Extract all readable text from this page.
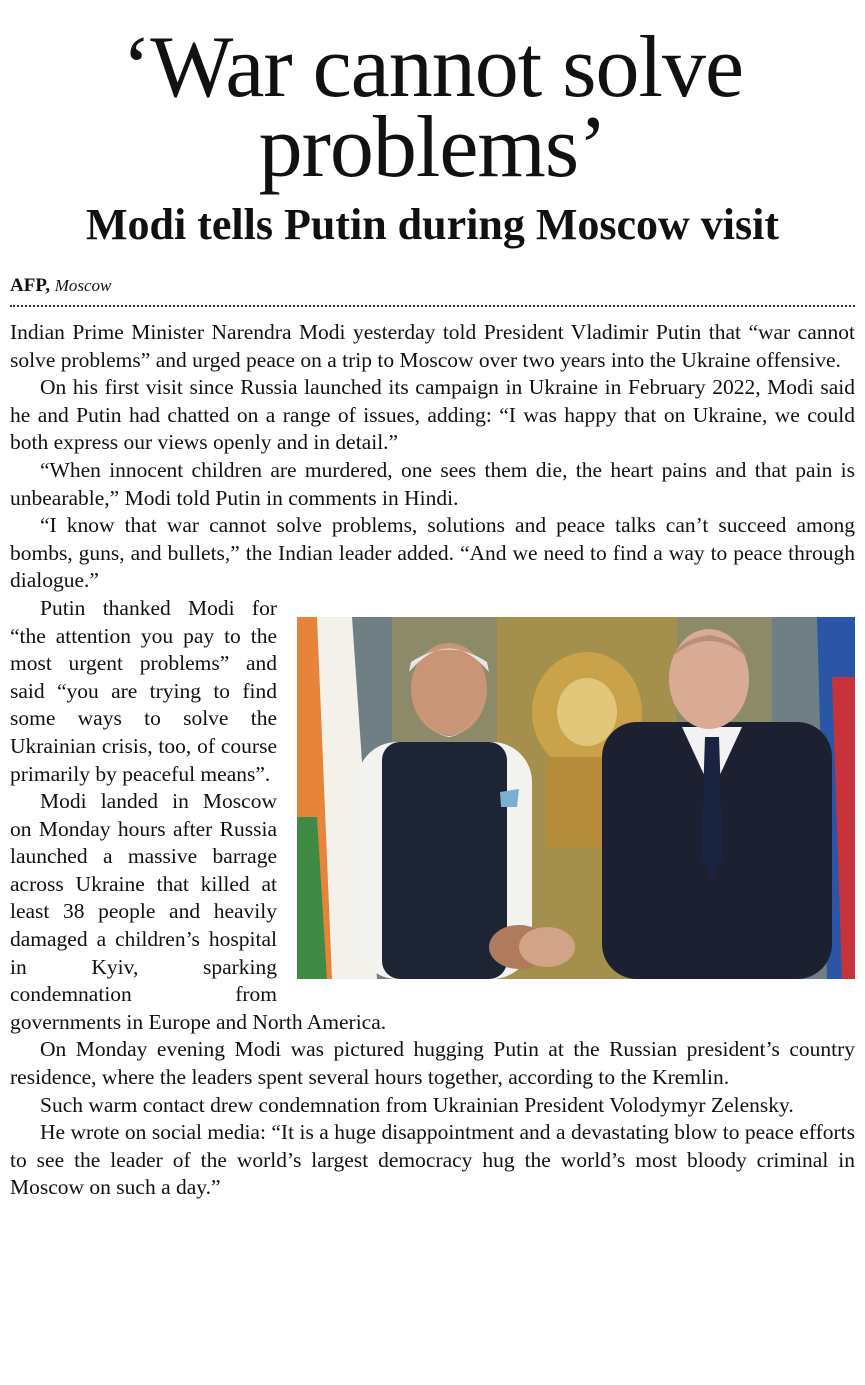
‘War cannot solve problems’
Modi tells Putin during Moscow visit
AFP, Moscow

Indian Prime Minister Narendra Modi yesterday told President Vladimir Putin that “war cannot solve problems” and urged peace on a trip to Moscow over two years into the Ukraine offensive.

On his first visit since Russia launched its campaign in Ukraine in February 2022, Modi said he and Putin had chatted on a range of issues, adding: “I was happy that on Ukraine, we could both express our views openly and in detail.”

“When innocent children are murdered, one sees them die, the heart pains and that pain is unbearable,” Modi told Putin in comments in Hindi.

“I know that war cannot solve problems, solutions and peace talks can’t succeed among bombs, guns, and bullets,” the Indian leader added. “And we need to find a way to peace through dialogue.”

Putin thanked Modi for “the attention you pay to the most urgent problems” and said “you are trying to find some ways to solve the Ukrainian crisis, too, of course primarily by peaceful means”.

Modi landed in Moscow on Monday hours after Russia launched a massive barrage across Ukraine that killed at least 38 people and heavily damaged a children’s hospital in Kyiv, sparking condemnation from governments in Europe and North America.

On Monday evening Modi was pictured hugging Putin at the Russian president’s country residence, where the leaders spent several hours together, according to the Kremlin.

Such warm contact drew condemnation from Ukrainian President Volodymyr Zelensky.

He wrote on social media: “It is a huge disappointment and a devastating blow to peace efforts to see the leader of the world’s largest democracy hug the world’s most bloody criminal in Moscow on such a day.”
